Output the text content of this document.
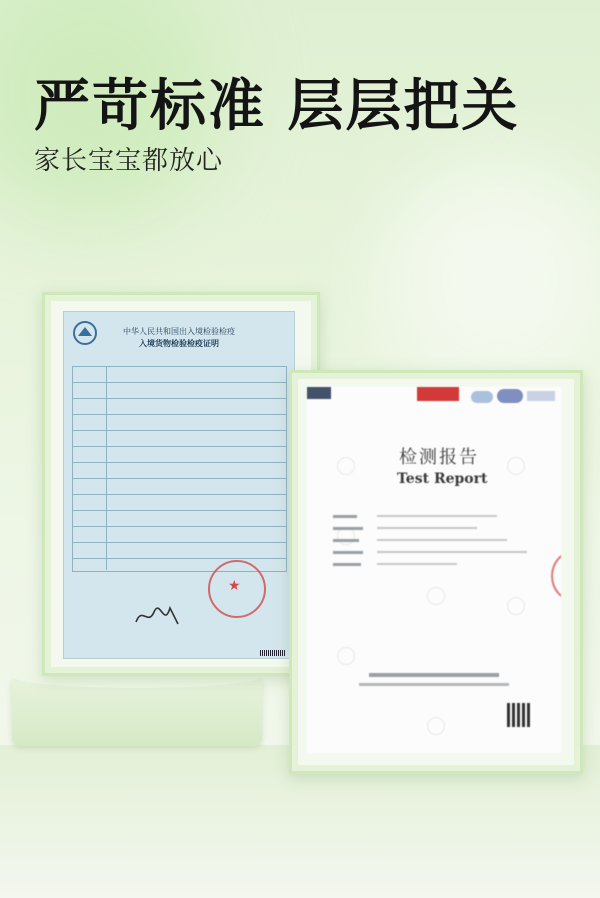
严苛标准 层层把关
家长宝宝都放心
中华人民共和国出入境检验检疫
入境货物检验检疫证明
★
检测报告
Test Report
